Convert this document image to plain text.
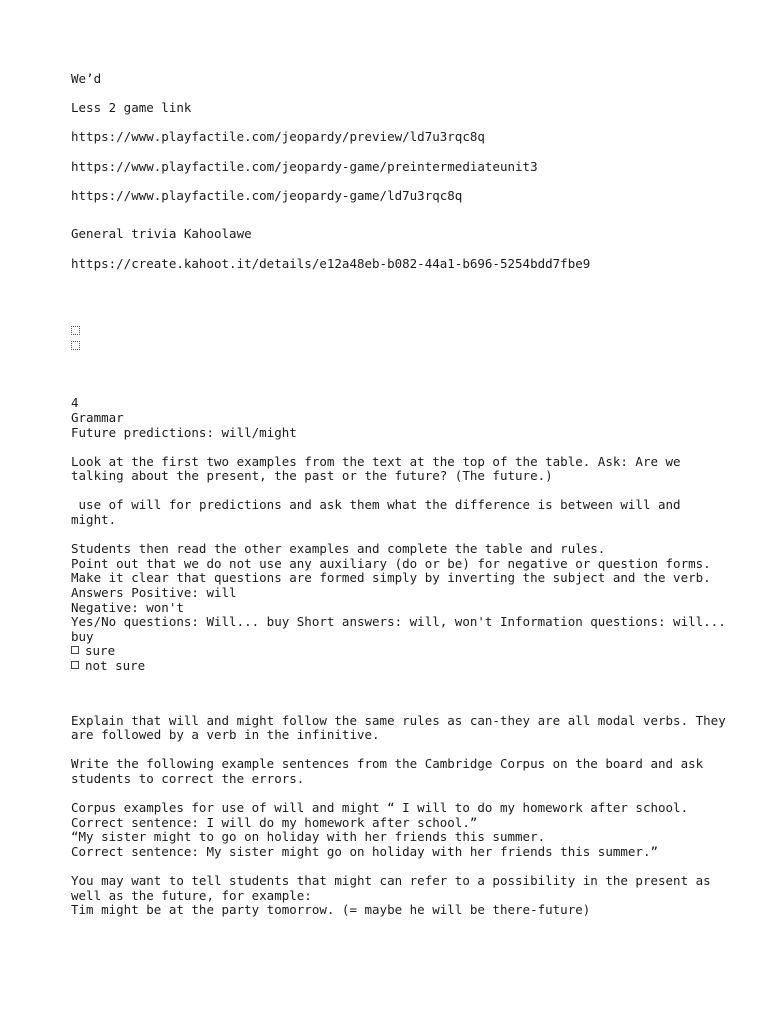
We’d
Less 2 game link
https://www.playfactile.com/jeopardy/preview/ld7u3rqc8q
https://www.playfactile.com/jeopardy-game/preintermediateunit3
https://www.playfactile.com/jeopardy-game/ld7u3rqc8q
General trivia Kahoolawe
https://create.kahoot.it/details/e12a48eb-b082-44a1-b696-5254bdd7fbe9
4
Grammar
Future predictions: will/might
Look at the first two examples from the text at the top of the table. Ask: Are we talking about the present, the past or the future? (The future.)
use of will for predictions and ask them what the difference is between will and might.
Students then read the other examples and complete the table and rules.
Point out that we do not use any auxiliary (do or be) for negative or question forms. Make it clear that questions are formed simply by inverting the subject and the verb.
Answers Positive: will
Negative: won't
Yes/No questions: Will... buy Short answers: will, won't Information questions: will... buy
sure
not sure
Explain that will and might follow the same rules as can-they are all modal verbs. They are followed by a verb in the infinitive.
Write the following example sentences from the Cambridge Corpus on the board and ask students to correct the errors.
Corpus examples for use of will and might “ I will to do my homework after school.
Correct sentence: I will do my homework after school.”
“My sister might to go on holiday with her friends this summer.
Correct sentence: My sister might go on holiday with her friends this summer.”
You may want to tell students that might can refer to a possibility in the present as well as the future, for example:
Tim might be at the party tomorrow. (= maybe he will be there-future)
